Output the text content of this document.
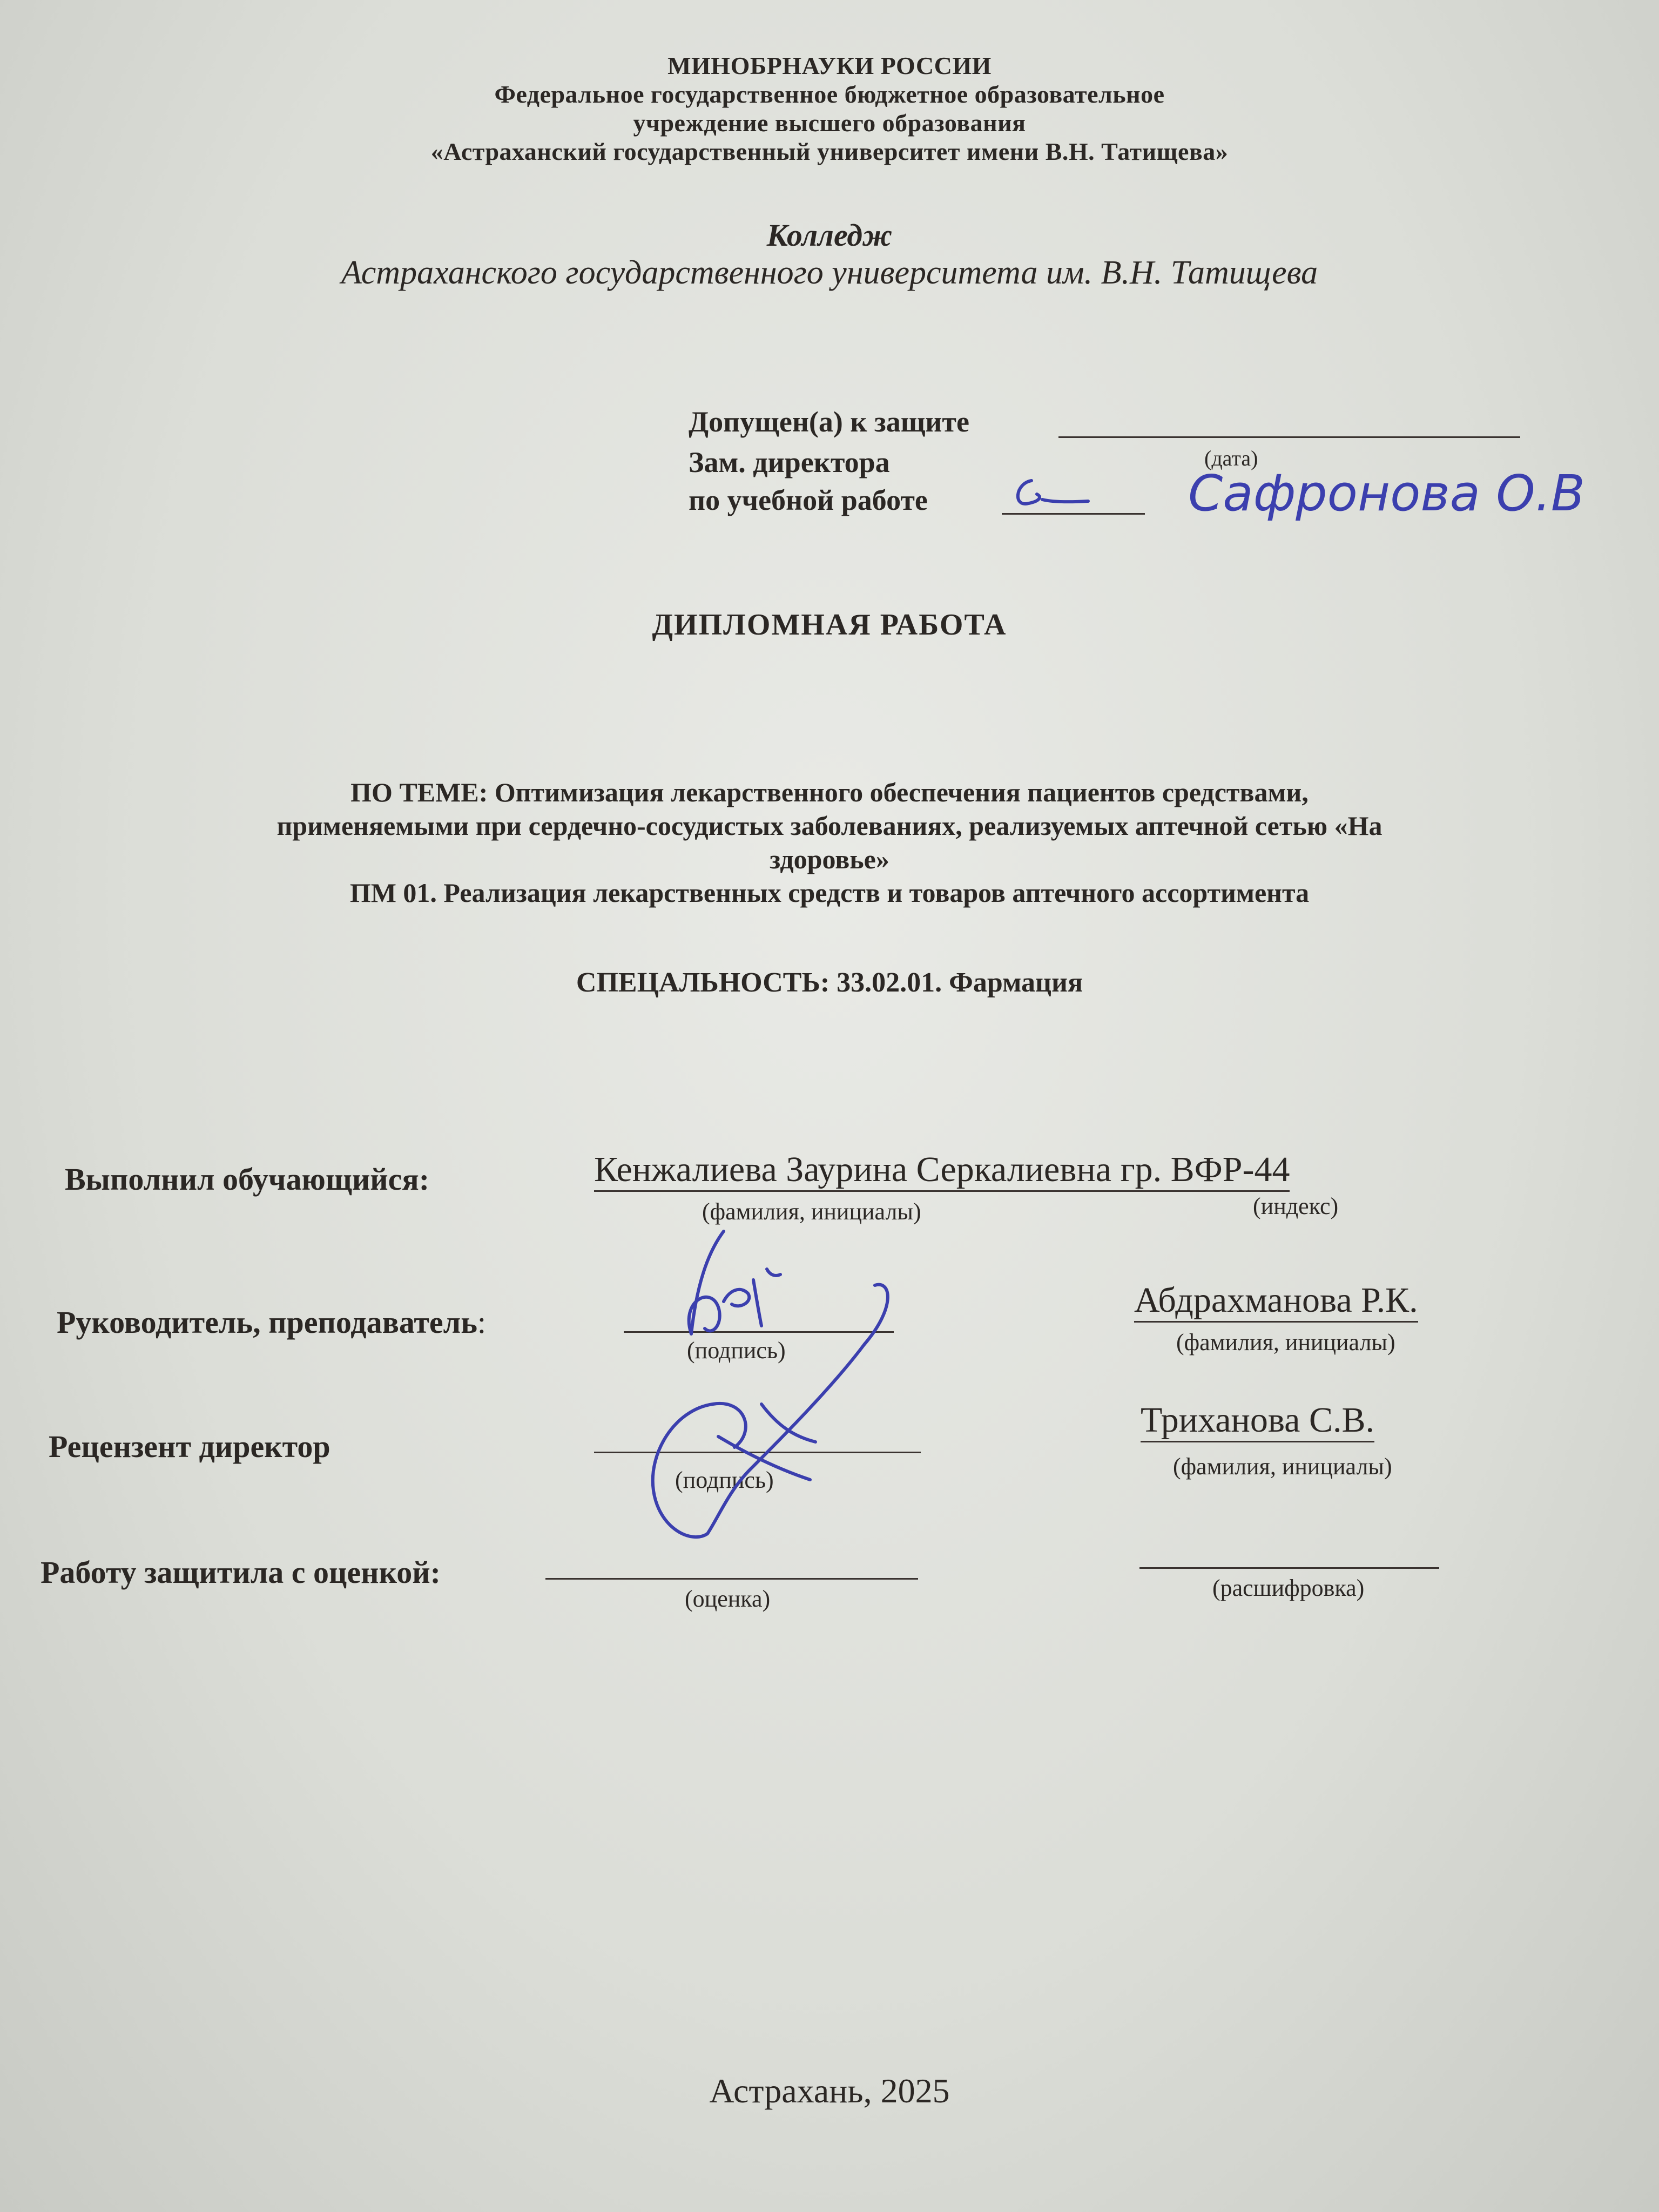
МИНОБРНАУКИ РОССИИ
Федеральное государственное бюджетное образовательное
учреждение высшего образования
«Астраханский государственный университет имени В.Н. Татищева»
Колледж
Астраханского государственного университета им. В.Н. Татищева
Допущен(а) к защите
(дата)
Зам. директора
по учебной работе	Сафронова О.В
ДИПЛОМНАЯ РАБОТА
ПО ТЕМЕ: Оптимизация лекарственного обеспечения пациентов средствами,
применяемыми при сердечно-сосудистых заболеваниях, реализуемых аптечной сетью «На
здоровье»
ПМ 01. Реализация лекарственных средств и товаров аптечного ассортимента
СПЕЦАЛЬНОСТЬ: 33.02.01. Фармация
Выполнил обучающийся:	Кенжалиева Заурина Серкалиевна гр. ВФР-44
(фамилия, инициалы)	(индекс)
Руководитель, преподаватель:
(подпись)
Абдрахманова Р.К.
(фамилия, инициалы)
Рецензент директор
(подпись)
Триханова С.В.
(фамилия, инициалы)
Работу защитила с оценкой:
(оценка)	(расшифровка)
Астрахань, 2025
